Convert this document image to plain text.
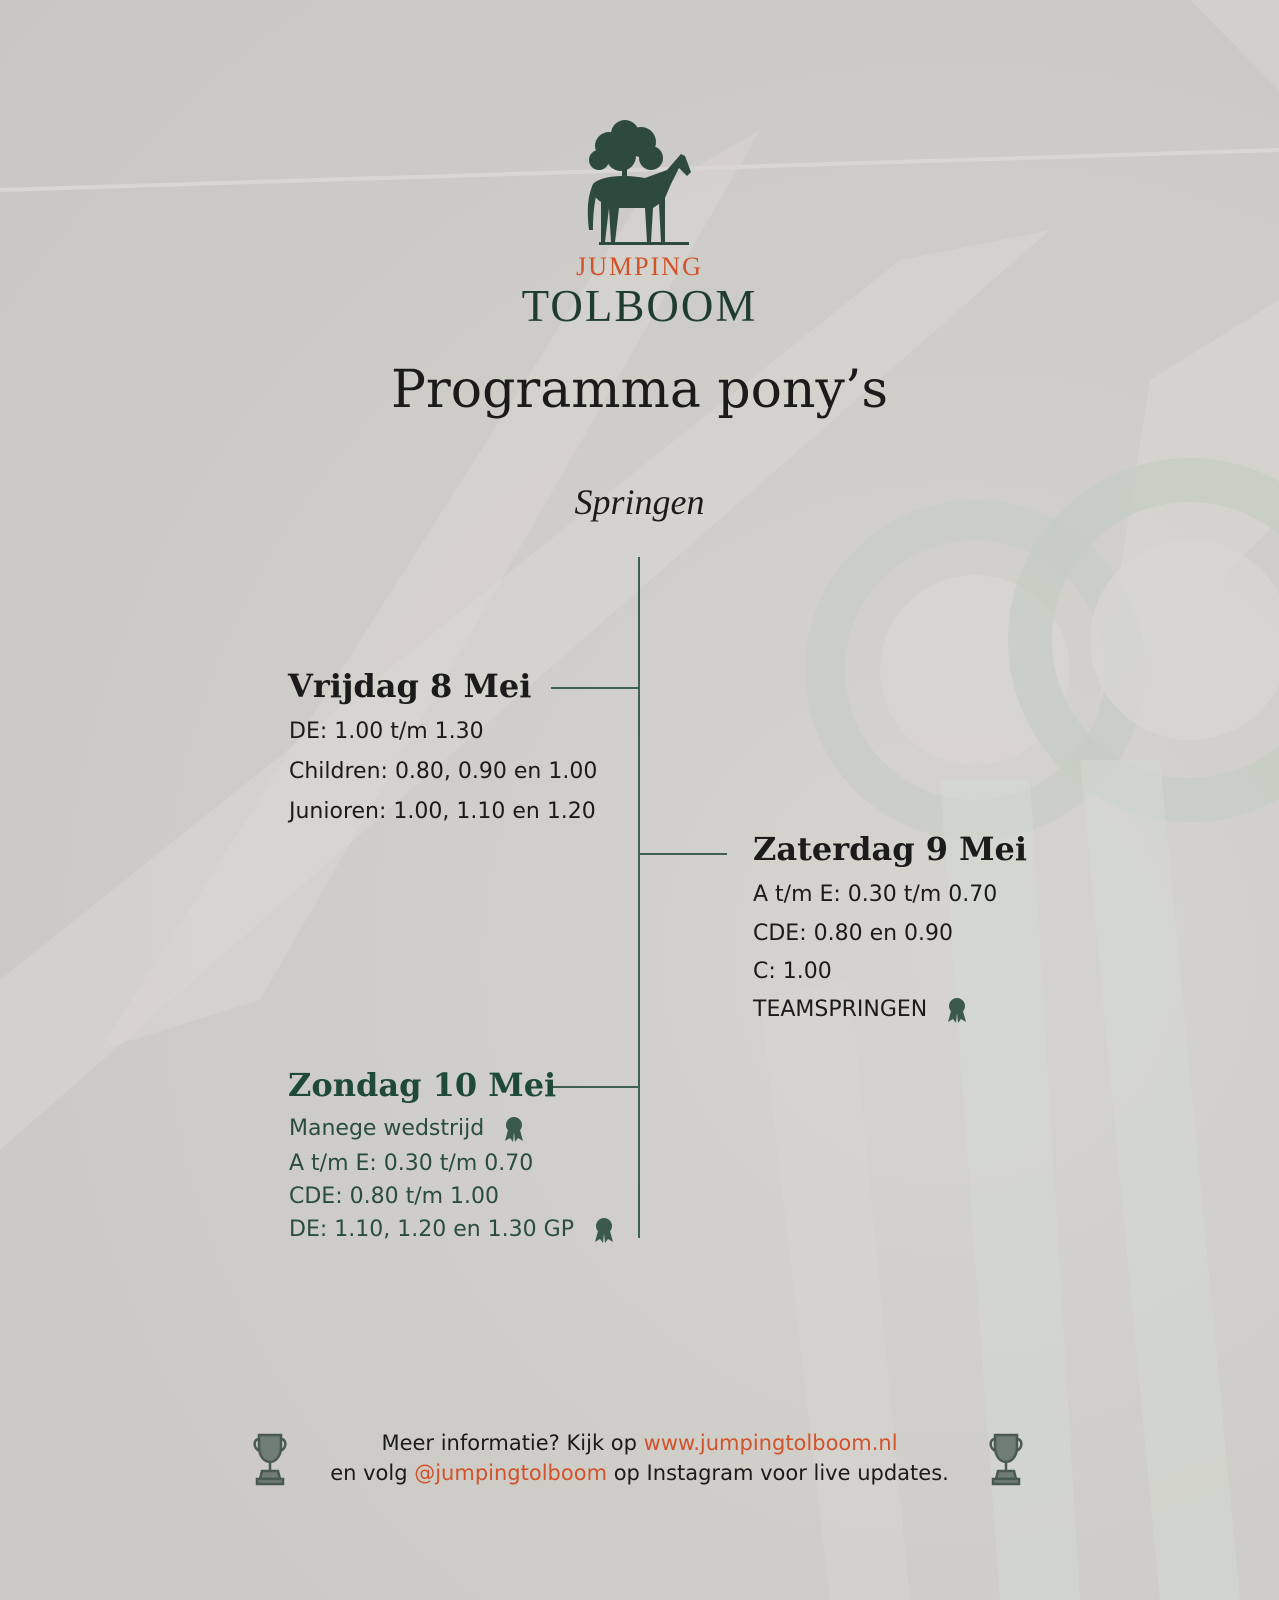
JUMPING
TOLBOOM
Programma pony’s
Springen
Vrijdag 8 Mei
DE: 1.00 t/m 1.30
Children: 0.80, 0.90 en 1.00
Junioren: 1.00, 1.10 en 1.20
Zaterdag 9 Mei
A t/m E: 0.30 t/m 0.70
CDE: 0.80 en 0.90
C: 1.00
TEAMSPRINGEN
Zondag 10 Mei
Manege wedstrijd
A t/m E: 0.30 t/m 0.70
CDE: 0.80 t/m 1.00
DE: 1.10, 1.20 en 1.30 GP
Meer informatie? Kijk op www.jumpingtolboom.nl
en volg @jumpingtolboom op Instagram voor live updates.
